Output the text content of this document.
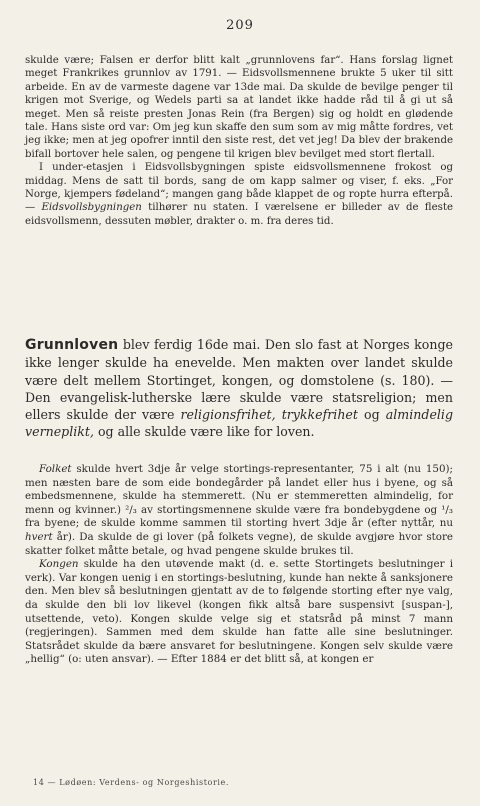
209

skulde være; Falsen er derfor blitt kalt „grunnlovens far“. Hans forslag lignet meget Frankrikes grunnlov av 1791. — Eidsvollsmennene brukte 5 uker til sitt arbeide. En av de varmeste dagene var 13de mai. Da skulde de bevilge penger til krigen mot Sverige, og Wedels parti sa at landet ikke hadde råd til å gi ut så meget. Men så reiste presten Jonas Rein (fra Bergen) sig og holdt en glødende tale. Hans siste ord var: Om jeg kun skaffe den sum som av mig måtte fordres, vet jeg ikke; men at jeg opofrer inntil den siste rest, det vet jeg! Da blev der brakende bifall bortover hele salen, og pengene til krigen blev bevilget med stort flertall.

I under-etasjen i Eidsvollsbygningen spiste eidsvollsmennene frokost og middag. Mens de satt til bords, sang de om kapp salmer og viser, f. eks. „For Norge, kjempers fødeland“; mangen gang både klappet de og ropte hurra efterpå. — Eidsvollsbygningen tilhører nu staten. I værelsene er billeder av de fleste eidsvollsmenn, dessuten møbler, drakter o. m. fra deres tid.

Grunnloven blev ferdig 16de mai. Den slo fast at Norges konge ikke lenger skulde ha enevelde. Men makten over landet skulde være delt mellem Stortinget, kongen, og domstolene (s. 180). — Den evangelisk-lutherske lære skulde være statsreligion; men ellers skulde der være religionsfrihet, trykkefrihet og almindelig verneplikt, og alle skulde være like for loven.

Folket skulde hvert 3dje år velge stortings-representanter, 75 i alt (nu 150); men næsten bare de som eide bondegårder på landet eller hus i byene, og så embedsmennene, skulde ha stemmerett. (Nu er stemmeretten almindelig, for menn og kvinner.) ²/₃ av stortingsmennene skulde være fra bondebygdene og ¹/₃ fra byene; de skulde komme sammen til storting hvert 3dje år (efter nyttår, nu hvert år). Da skulde de gi lover (på folkets vegne), de skulde avgjøre hvor store skatter folket måtte betale, og hvad pengene skulde brukes til.

Kongen skulde ha den utøvende makt (d. e. sette Stortingets beslutninger i verk). Var kongen uenig i en stortings-beslutning, kunde han nekte å sanksjonere den. Men blev så beslutningen gjentatt av de to følgende storting efter nye valg, da skulde den bli lov likevel (kongen fikk altså bare suspensivt [suspan-], utsettende, veto). Kongen skulde velge sig et statsråd på minst 7 mann (regjeringen). Sammen med dem skulde han fatte alle sine beslutninger. Statsrådet skulde da bære ansvaret for beslutningene. Kongen selv skulde være „hellig“ (o: uten ansvar). — Efter 1884 er det blitt så, at kongen er

14 — Lødøen: Verdens- og Norgeshistorie.
